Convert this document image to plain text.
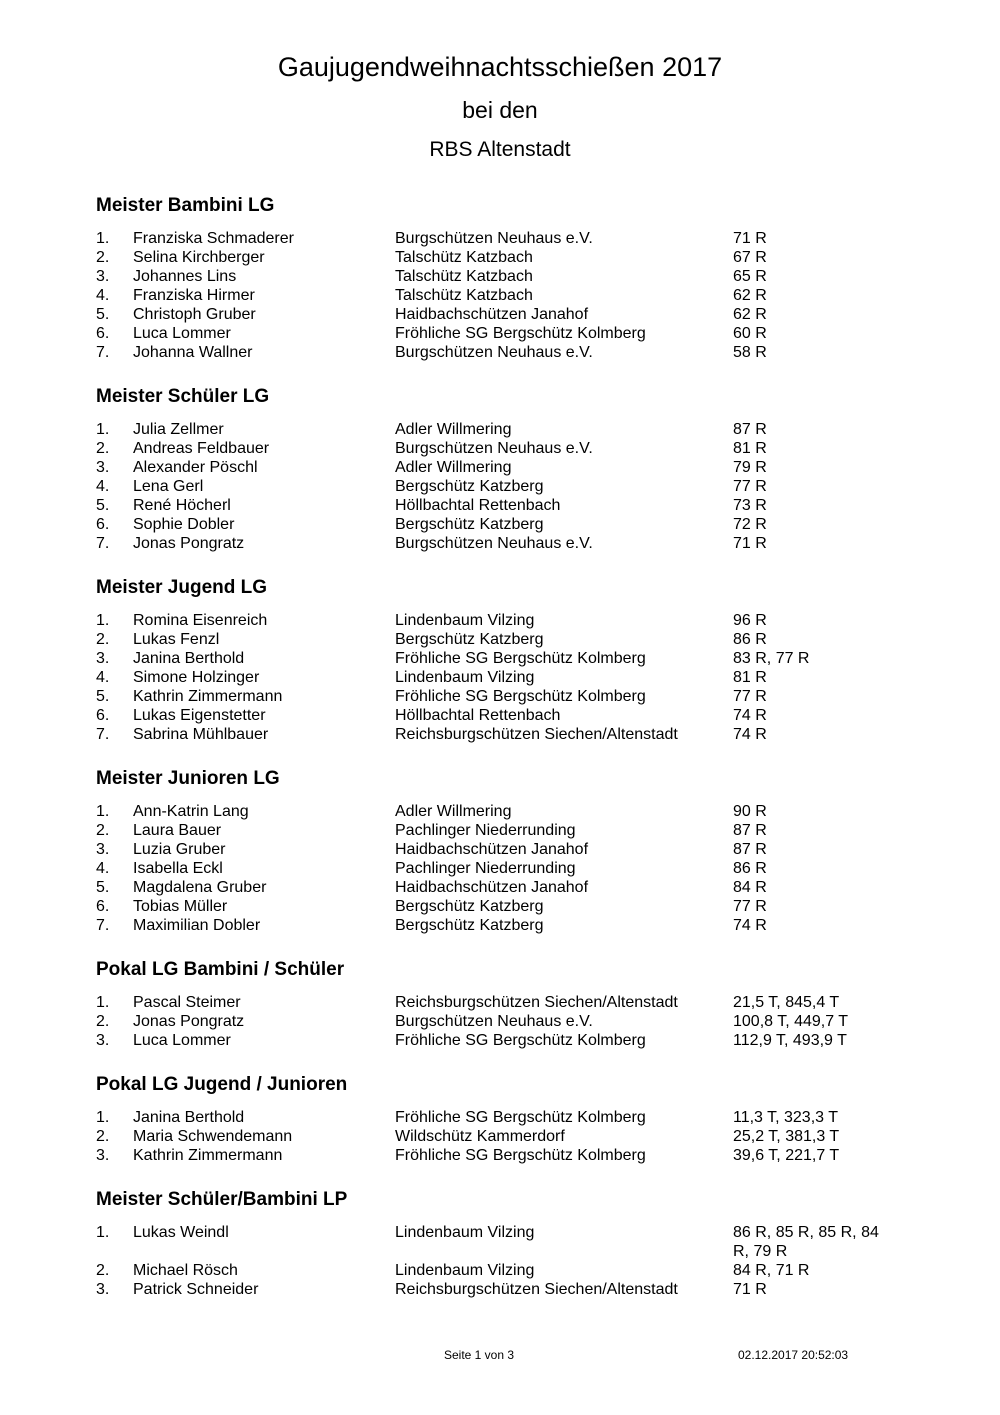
Gaujugendweihnachtsschießen 2017
bei den
RBS Altenstadt
Meister Bambini LG
1.	Franziska Schmaderer	Burgschützen Neuhaus e.V.	71 R
2.	Selina Kirchberger	Talschütz Katzbach	67 R
3.	Johannes Lins	Talschütz Katzbach	65 R
4.	Franziska Hirmer	Talschütz Katzbach	62 R
5.	Christoph Gruber	Haidbachschützen Janahof	62 R
6.	Luca Lommer	Fröhliche SG Bergschütz Kolmberg	60 R
7.	Johanna Wallner	Burgschützen Neuhaus e.V.	58 R
Meister Schüler LG
1.	Julia Zellmer	Adler Willmering	87 R
2.	Andreas Feldbauer	Burgschützen Neuhaus e.V.	81 R
3.	Alexander Pöschl	Adler Willmering	79 R
4.	Lena Gerl	Bergschütz Katzberg	77 R
5.	René Höcherl	Höllbachtal Rettenbach	73 R
6.	Sophie Dobler	Bergschütz Katzberg	72 R
7.	Jonas Pongratz	Burgschützen Neuhaus e.V.	71 R
Meister Jugend LG
1.	Romina Eisenreich	Lindenbaum Vilzing	96 R
2.	Lukas Fenzl	Bergschütz Katzberg	86 R
3.	Janina Berthold	Fröhliche SG Bergschütz Kolmberg	83 R, 77 R
4.	Simone Holzinger	Lindenbaum Vilzing	81 R
5.	Kathrin Zimmermann	Fröhliche SG Bergschütz Kolmberg	77 R
6.	Lukas Eigenstetter	Höllbachtal Rettenbach	74 R
7.	Sabrina Mühlbauer	Reichsburgschützen Siechen/Altenstadt	74 R
Meister Junioren LG
1.	Ann-Katrin Lang	Adler Willmering	90 R
2.	Laura Bauer	Pachlinger Niederrunding	87 R
3.	Luzia Gruber	Haidbachschützen Janahof	87 R
4.	Isabella Eckl	Pachlinger Niederrunding	86 R
5.	Magdalena Gruber	Haidbachschützen Janahof	84 R
6.	Tobias Müller	Bergschütz Katzberg	77 R
7.	Maximilian Dobler	Bergschütz Katzberg	74 R
Pokal LG Bambini / Schüler
1.	Pascal Steimer	Reichsburgschützen Siechen/Altenstadt	21,5 T, 845,4 T
2.	Jonas Pongratz	Burgschützen Neuhaus e.V.	100,8 T, 449,7 T
3.	Luca Lommer	Fröhliche SG Bergschütz Kolmberg	112,9 T, 493,9 T
Pokal LG Jugend / Junioren
1.	Janina Berthold	Fröhliche SG Bergschütz Kolmberg	11,3 T, 323,3 T
2.	Maria Schwendemann	Wildschütz Kammerdorf	25,2 T, 381,3 T
3.	Kathrin Zimmermann	Fröhliche SG Bergschütz Kolmberg	39,6 T, 221,7 T
Meister Schüler/Bambini LP
1.	Lukas Weindl	Lindenbaum Vilzing	86 R, 85 R, 85 R, 84 R, 79 R
2.	Michael Rösch	Lindenbaum Vilzing	84 R, 71 R
3.	Patrick Schneider	Reichsburgschützen Siechen/Altenstadt	71 R
Seite 1 von 3	02.12.2017 20:52:03
